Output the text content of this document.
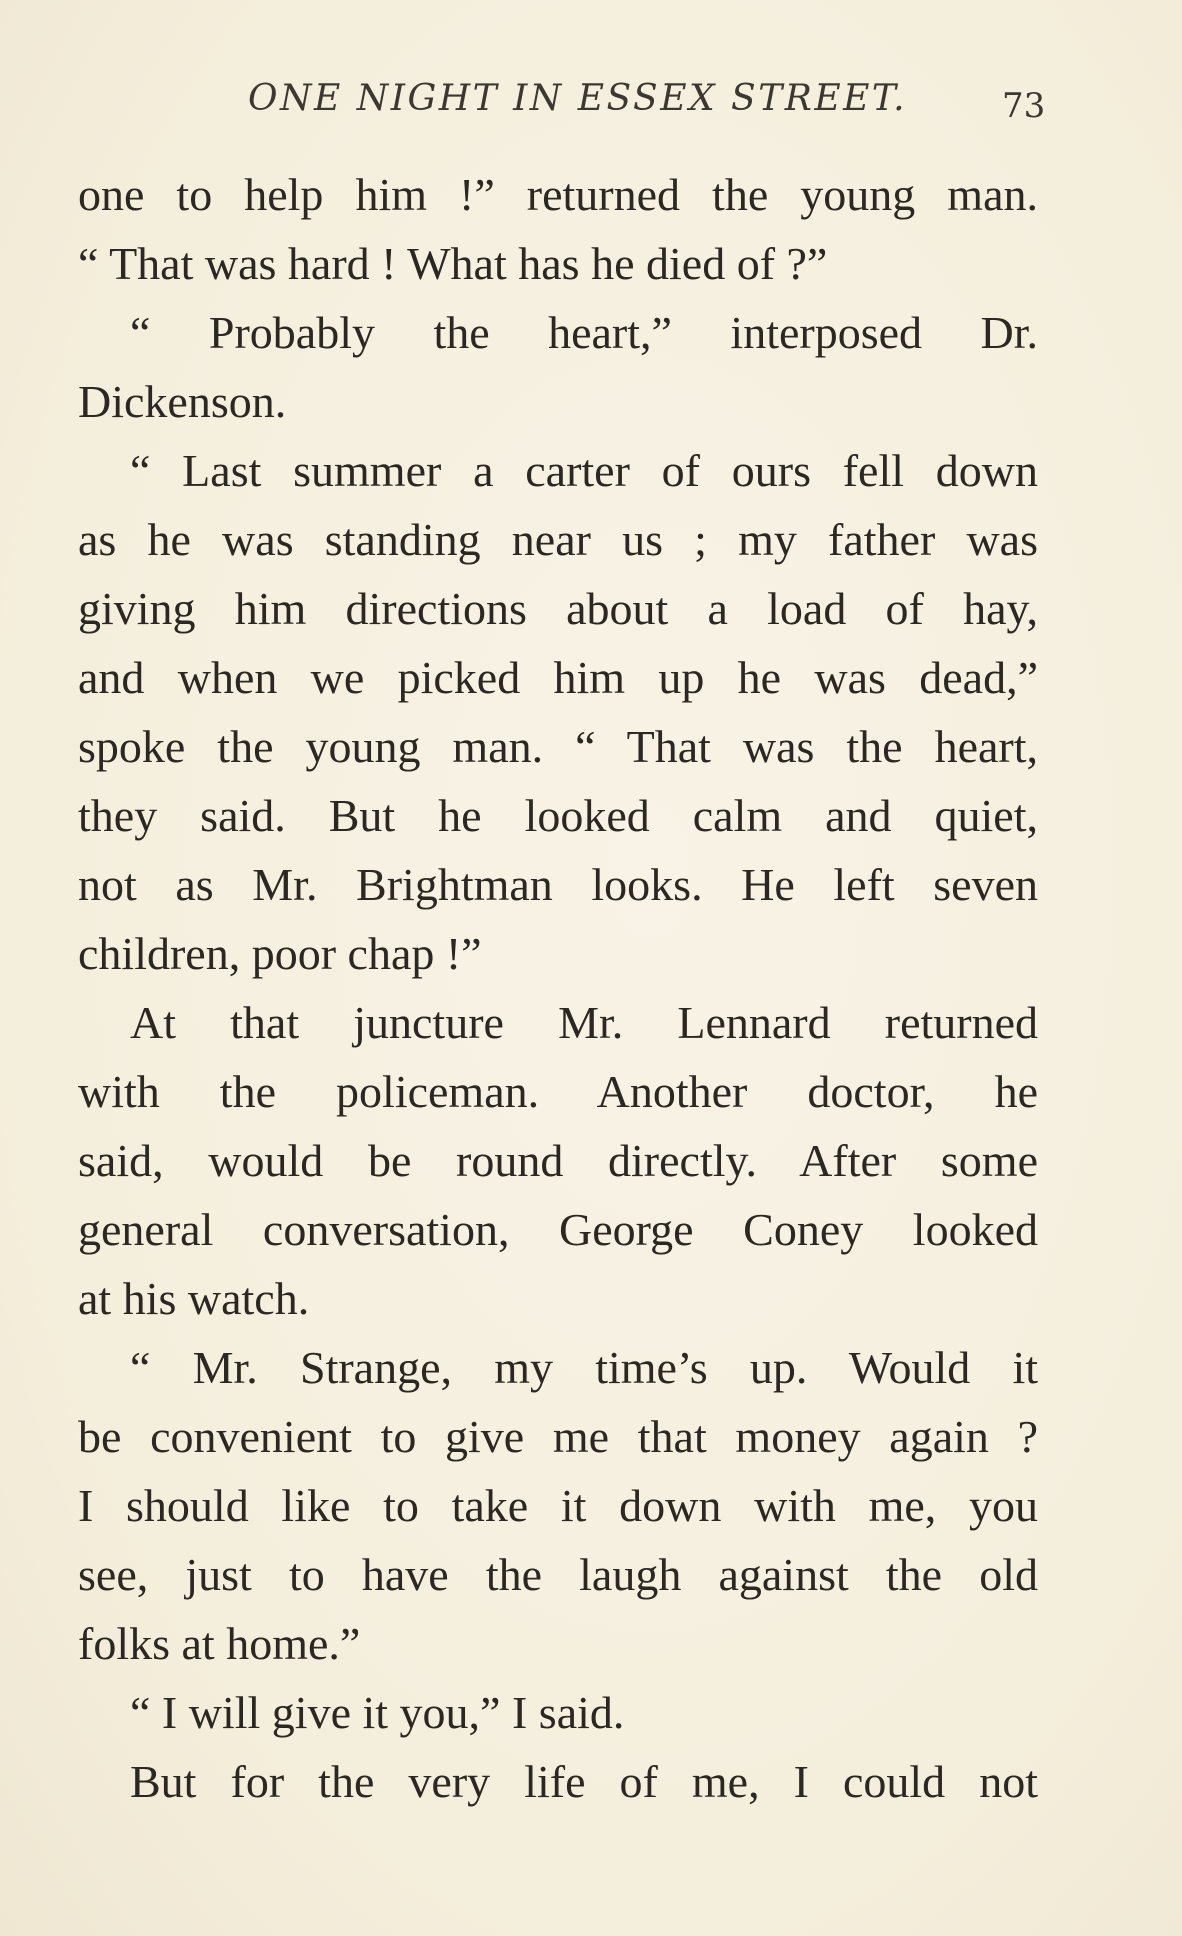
ONE NIGHT IN ESSEX STREET.	73
one to help him !” returned the young man.
“ That was hard ! What has he died of ?”
“ Probably the heart,” interposed Dr.
Dickenson.
“ Last summer a carter of ours fell down
as he was standing near us ; my father was
giving him directions about a load of hay,
and when we picked him up he was dead,”
spoke the young man. “ That was the heart,
they said. But he looked calm and quiet,
not as Mr. Brightman looks. He left seven
children, poor chap !”
At that juncture Mr. Lennard returned
with the policeman. Another doctor, he
said, would be round directly. After some
general conversation, George Coney looked
at his watch.
“ Mr. Strange, my time’s up. Would it
be convenient to give me that money again ?
I should like to take it down with me, you
see, just to have the laugh against the old
folks at home.”
“ I will give it you,” I said.
But for the very life of me, I could not
